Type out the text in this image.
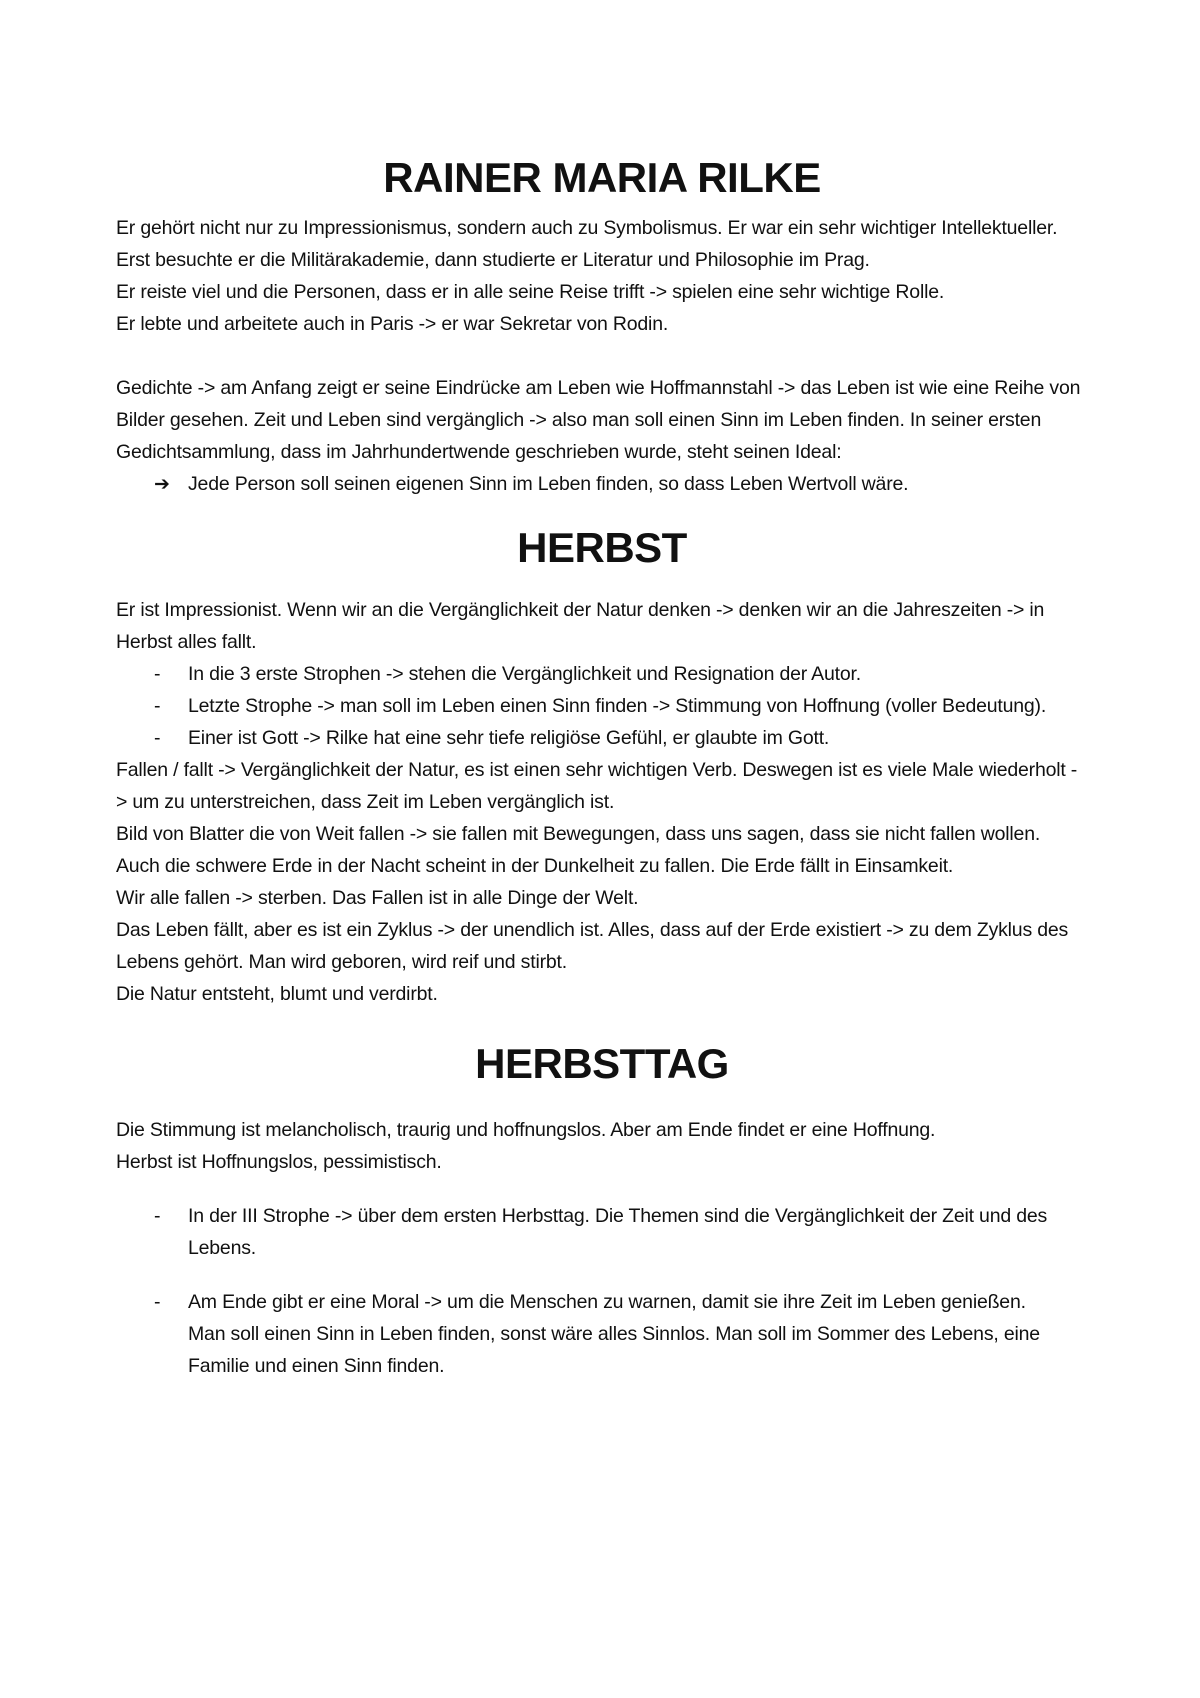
RAINER MARIA RILKE

Er gehört nicht nur zu Impressionismus, sondern auch zu Symbolismus. Er war ein sehr wichtiger Intellektueller.

Erst besuchte er die Militärakademie, dann studierte er Literatur und Philosophie im Prag.

Er reiste viel und die Personen, dass er in alle seine Reise trifft -> spielen eine sehr wichtige Rolle.

Er lebte und arbeitete auch in Paris -> er war Sekretar von Rodin.

Gedichte -> am Anfang zeigt er seine Eindrücke am Leben wie Hoffmannstahl -> das Leben ist wie eine Reihe von Bilder gesehen. Zeit und Leben sind vergänglich -> also man soll einen Sinn im Leben finden. In seiner ersten Gedichtsammlung, dass im Jahrhundertwende geschrieben wurde, steht seinen Ideal:

➔ Jede Person soll seinen eigenen Sinn im Leben finden, so dass Leben Wertvoll wäre.
HERBST

Er ist Impressionist. Wenn wir an die Vergänglichkeit der Natur denken -> denken wir an die Jahreszeiten -> in Herbst alles fallt.

-	In die 3 erste Strophen -> stehen die Vergänglichkeit und Resignation der Autor.
-	Letzte Strophe -> man soll im Leben einen Sinn finden -> Stimmung von Hoffnung (voller Bedeutung).
-	Einer ist Gott -> Rilke hat eine sehr tiefe religiöse Gefühl, er glaubte im Gott.

Fallen / fallt -> Vergänglichkeit der Natur, es ist einen sehr wichtigen Verb. Deswegen ist es viele Male wiederholt -> um zu unterstreichen, dass Zeit im Leben vergänglich ist.

Bild von Blatter die von Weit fallen -> sie fallen mit Bewegungen, dass uns sagen, dass sie nicht fallen wollen.

Auch die schwere Erde in der Nacht scheint in der Dunkelheit zu fallen. Die Erde fällt in Einsamkeit.

Wir alle fallen -> sterben. Das Fallen ist in alle Dinge der Welt.

Das Leben fällt, aber es ist ein Zyklus -> der unendlich ist. Alles, dass auf der Erde existiert -> zu dem Zyklus des Lebens gehört. Man wird geboren, wird reif und stirbt.

Die Natur entsteht, blumt und verdirbt.

HERBSTTAG

Die Stimmung ist melancholisch, traurig und hoffnungslos. Aber am Ende findet er eine Hoffnung.

Herbst ist Hoffnungslos, pessimistisch.

-	In der III Strophe -> über dem ersten Herbsttag. Die Themen sind die Vergänglichkeit der Zeit und des Lebens.
-	Am Ende gibt er eine Moral -> um die Menschen zu warnen, damit sie ihre Zeit im Leben genießen. Man soll einen Sinn in Leben finden, sonst wäre alles Sinnlos. Man soll im Sommer des Lebens, eine Familie und einen Sinn finden.
